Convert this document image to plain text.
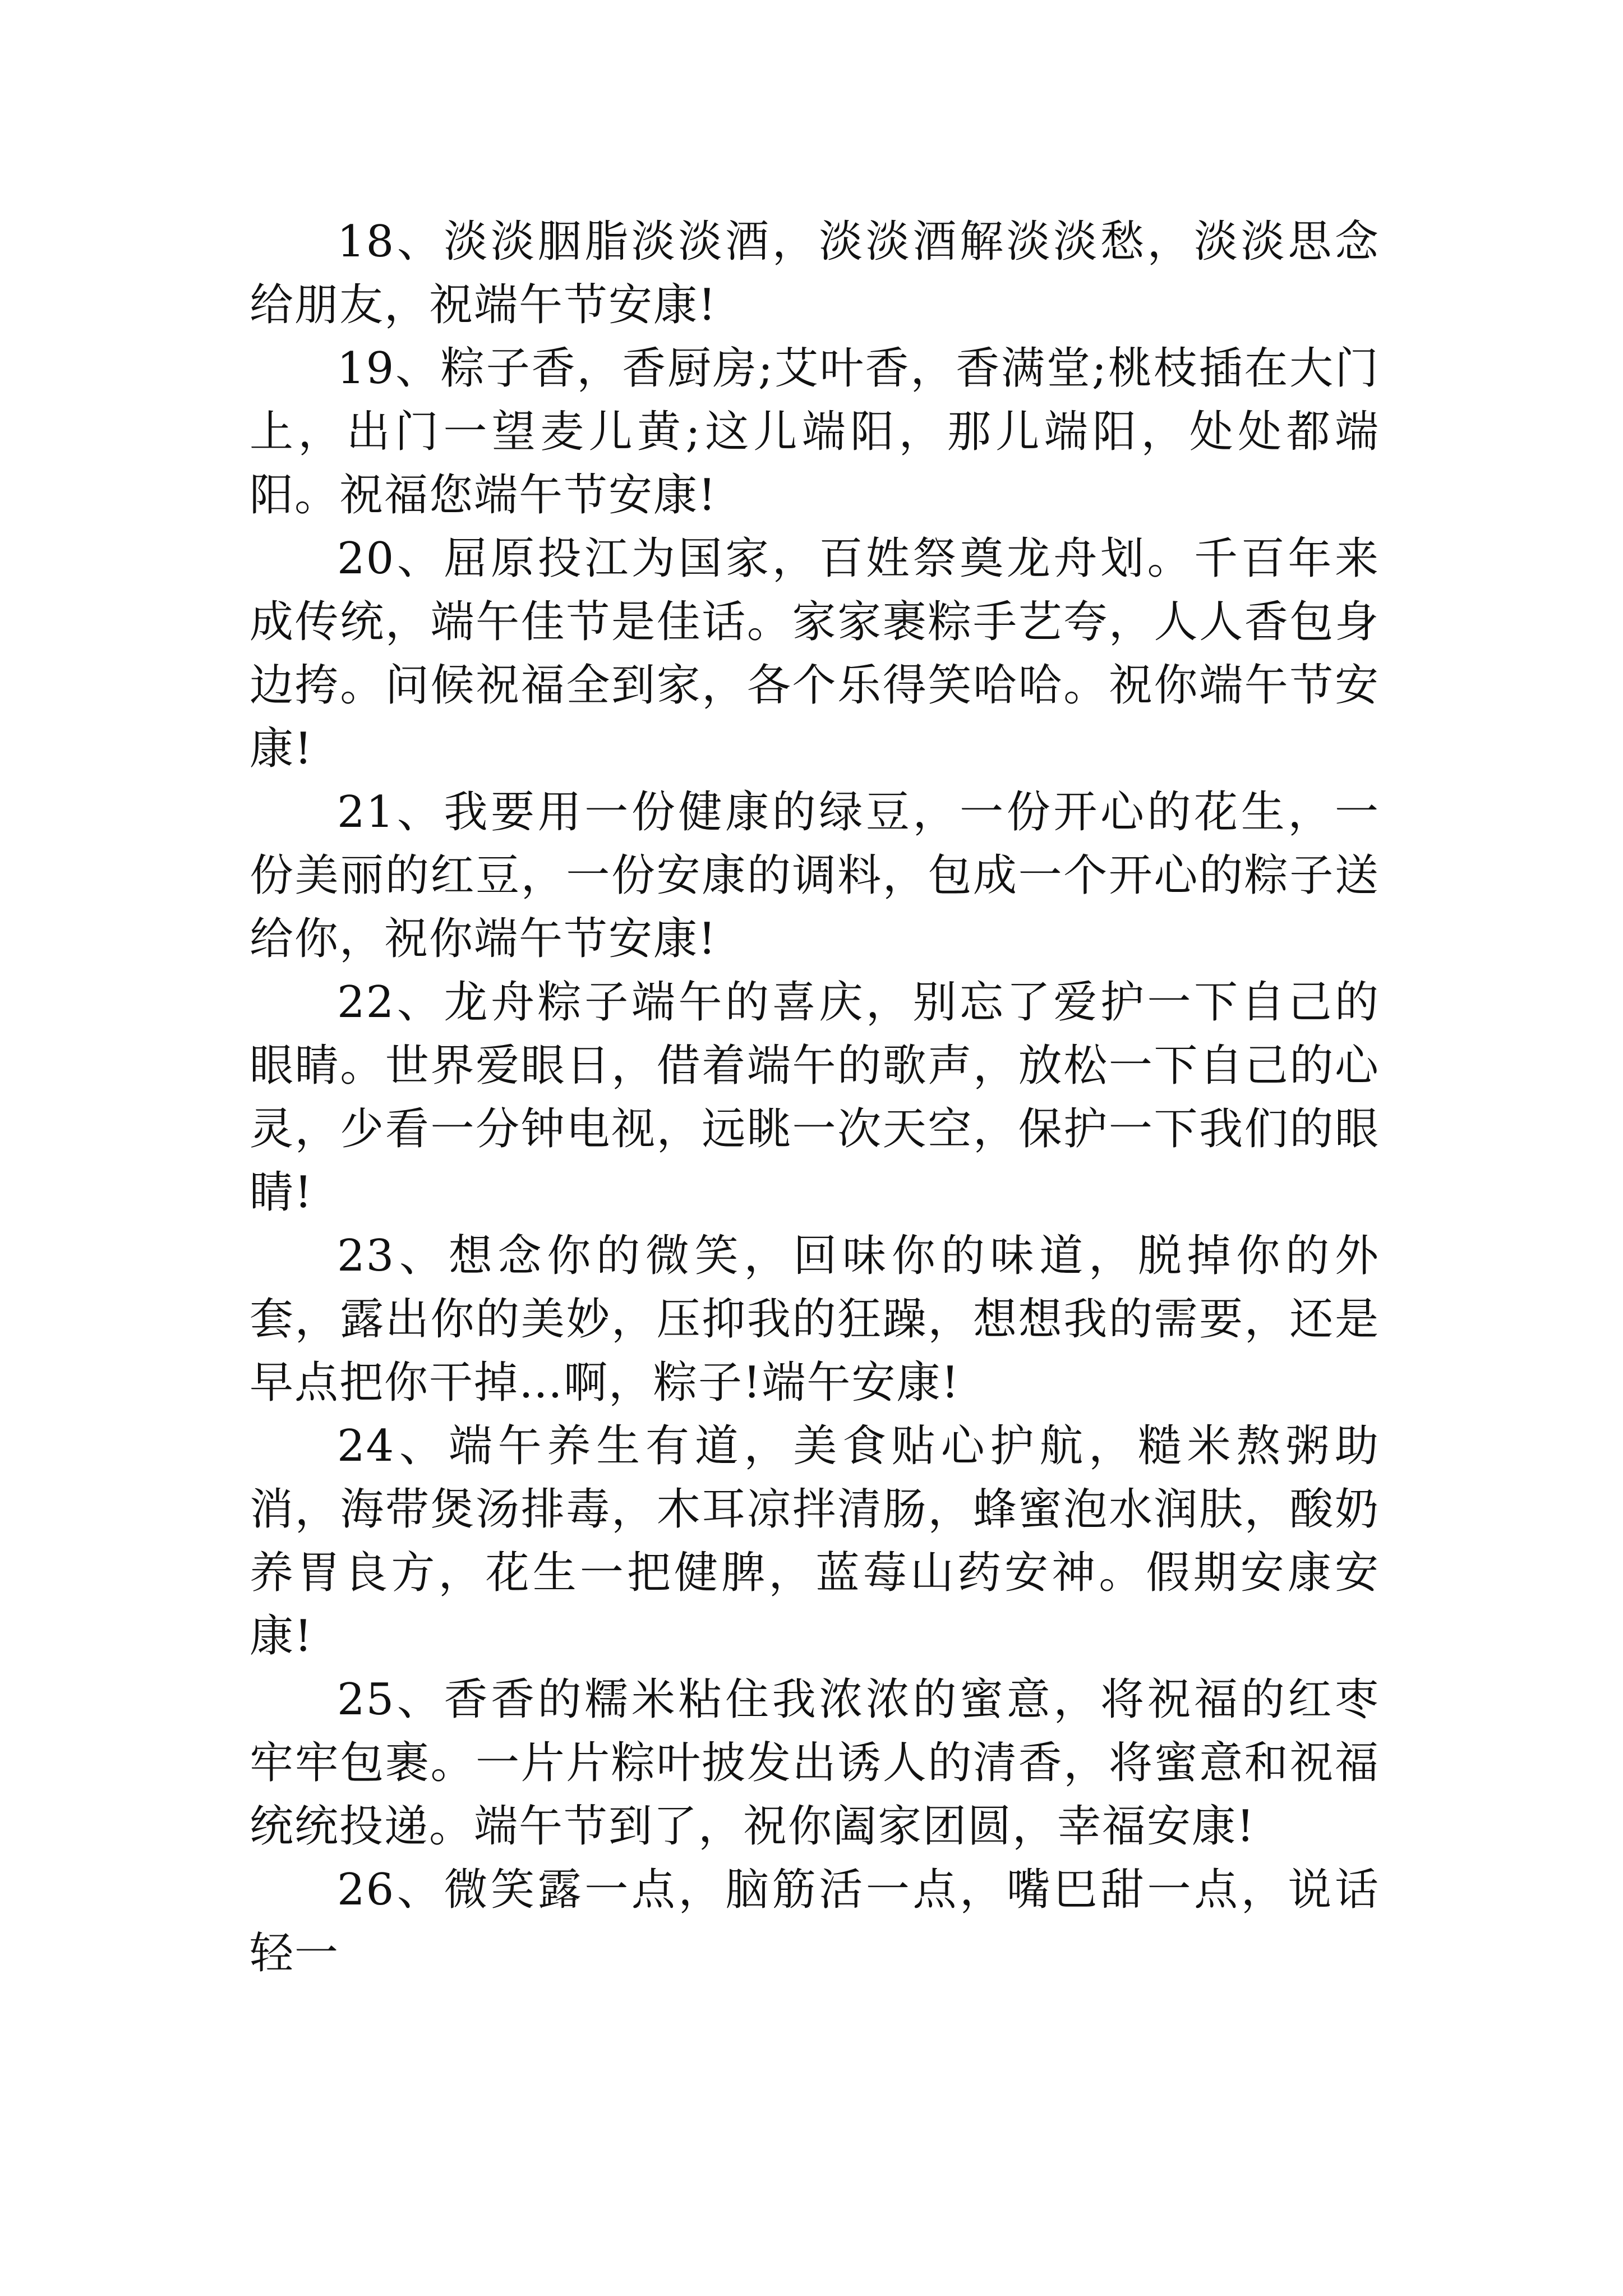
18、淡淡胭脂淡淡酒，淡淡酒解淡淡愁，淡淡思念给朋友，祝端午节安康!

19、粽子香，香厨房;艾叶香，香满堂;桃枝插在大门上，出门一望麦儿黄;这儿端阳，那儿端阳，处处都端阳。祝福您端午节安康!

20、屈原投江为国家，百姓祭奠龙舟划。千百年来成传统，端午佳节是佳话。家家裹粽手艺夸，人人香包身边挎。问候祝福全到家，各个乐得笑哈哈。祝你端午节安康!

21、我要用一份健康的绿豆，一份开心的花生，一份美丽的红豆，一份安康的调料，包成一个开心的粽子送给你，祝你端午节安康!

22、龙舟粽子端午的喜庆，别忘了爱护一下自己的眼睛。世界爱眼日，借着端午的歌声，放松一下自己的心灵，少看一分钟电视，远眺一次天空，保护一下我们的眼睛!

23、想念你的微笑，回味你的味道，脱掉你的外套，露出你的美妙，压抑我的狂躁，想想我的需要，还是早点把你干掉…啊，粽子!端午安康!

24、端午养生有道，美食贴心护航，糙米熬粥助消，海带煲汤排毒，木耳凉拌清肠，蜂蜜泡水润肤，酸奶养胃良方，花生一把健脾，蓝莓山药安神。假期安康安康!

25、香香的糯米粘住我浓浓的蜜意，将祝福的红枣牢牢包裹。一片片粽叶披发出诱人的清香，将蜜意和祝福统统投递。端午节到了，祝你阖家团圆，幸福安康!

26、微笑露一点，脑筋活一点，嘴巴甜一点，说话轻一
